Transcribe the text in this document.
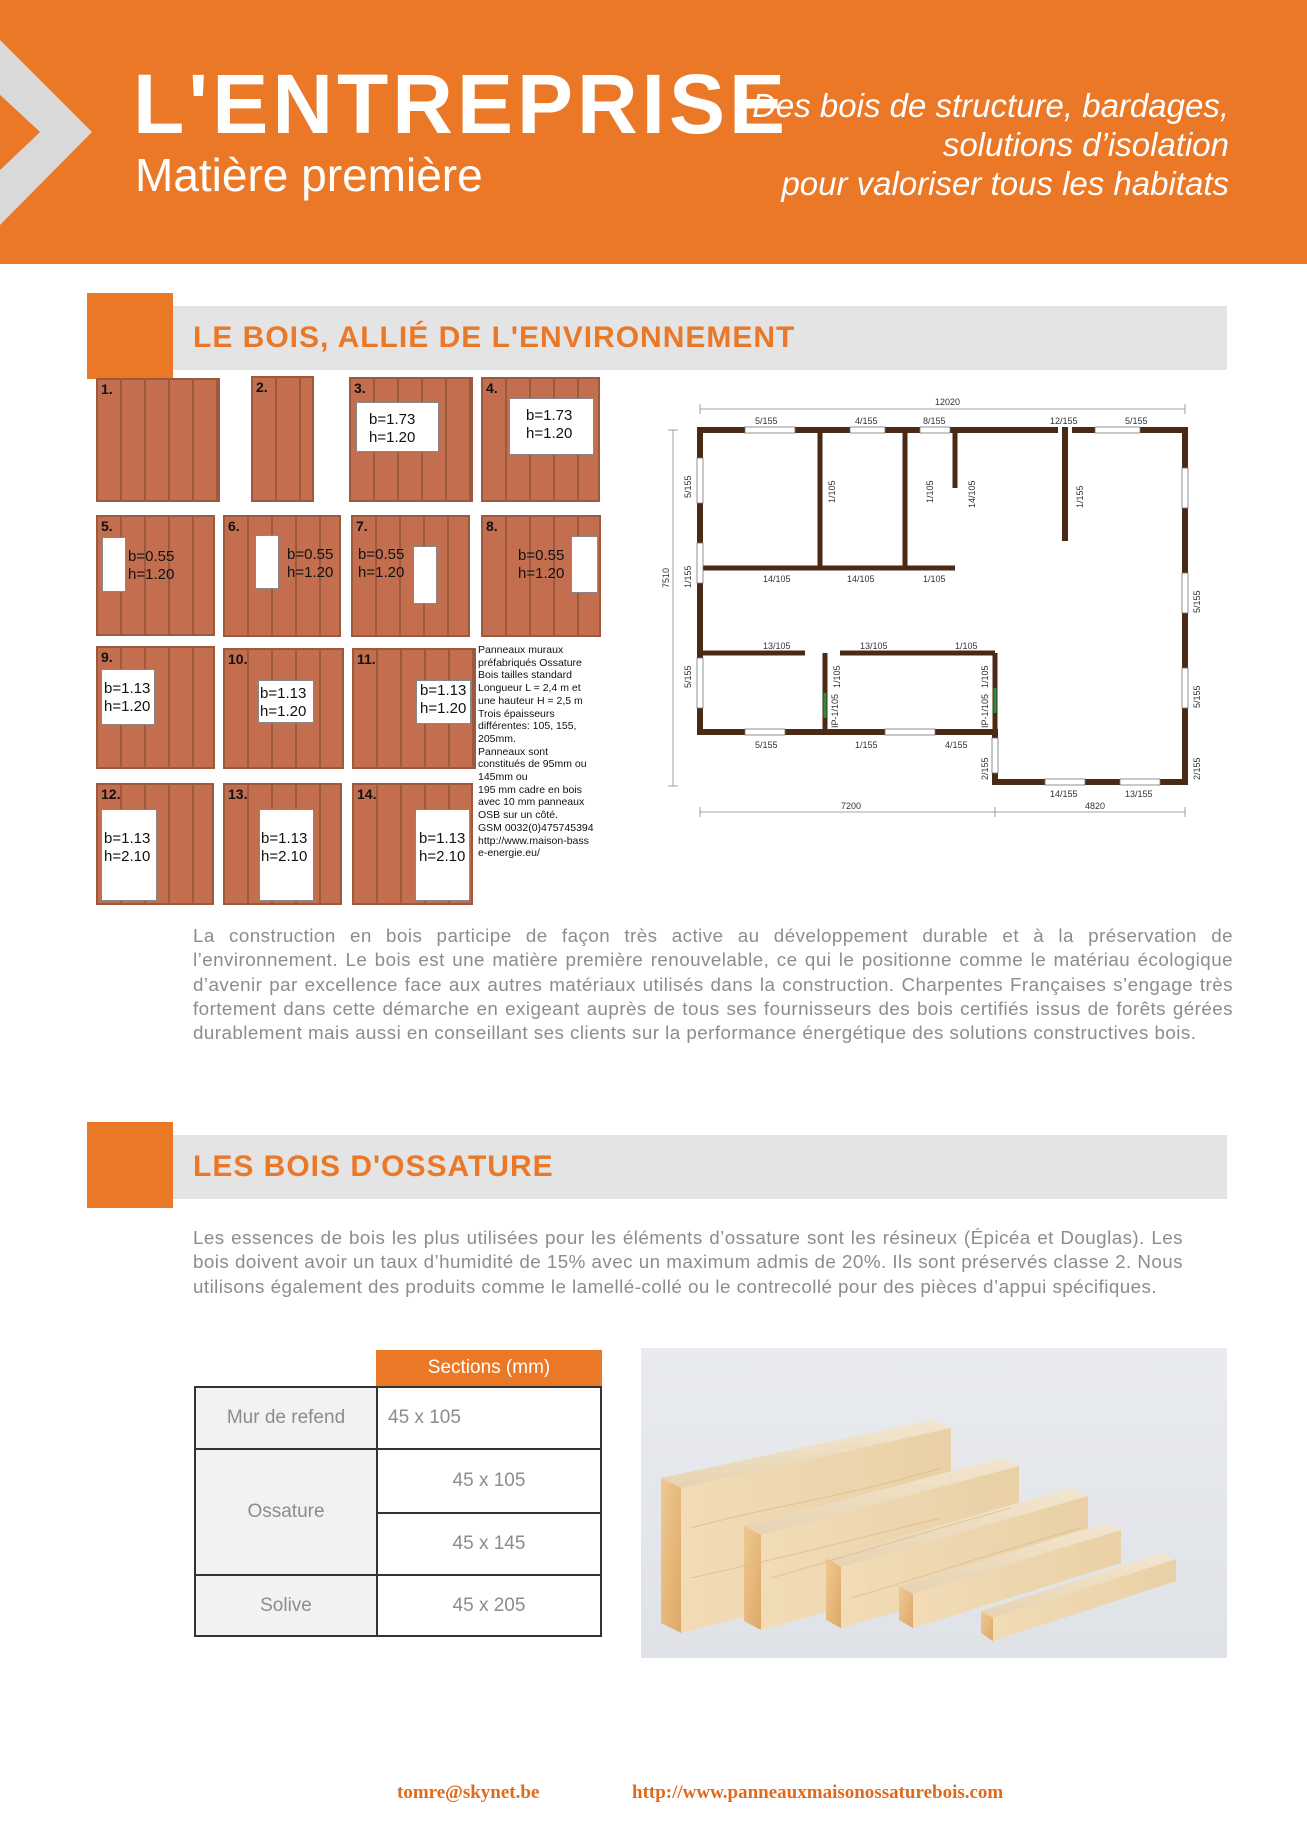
L'ENTREPRISE
Matière première
Des bois de structure, bardages,
solutions d’isolation
pour valoriser tous les habitats
LE BOIS, ALLIÉ DE L'ENVIRONNEMENT
1.	2.	3.
b=1.73
h=1.20
4.
b=1.73
h=1.20
5.
b=0.55
h=1.20
6.
b=0.55
h=1.20
7.
b=0.55
h=1.20
8.
b=0.55
h=1.20
9.
b=1.13
h=1.20
10.
b=1.13
h=1.20
11.
b=1.13
h=1.20
12.
b=1.13
h=2.10
13.
b=1.13
h=2.10
14.
b=1.13
h=2.10
Panneaux muraux
préfabriqués Ossature
Bois tailles standard
Longueur L = 2,4 m et
une hauteur H = 2,5 m
Trois épaisseurs
différentes: 105, 155,
205mm.
Panneaux sont
constitués de 95mm ou
145mm ou
195 mm cadre en bois
avec 10 mm panneaux
OSB sur un côté.
GSM 0032(0)475745394
http://www.maison-bass
e-energie.eu/
12020
7200	4820
7510
5/155	4/155	8/155	12/155	5/155
5/155	1/105	1/105	14/105	1/155
14/105	14/105	1/105
1/155
13/105	13/105	1/105
5/155
1/105	1/105
5/155
IP-1/105	IP-1/105	5/155
1/155	4/155
5/155
2/155
14/155	13/155
2/155
La construction en bois participe de façon très active au développement durable et à la préservation de l’environnement. Le bois est une matière première renouvelable, ce qui le positionne comme le matériau écologique d’avenir par excellence face aux autres matériaux utilisés dans la construction. Charpentes Françaises s’engage très fortement dans cette démarche en exigeant auprès de tous ses fournisseurs des bois certifiés issus de forêts gérées durablement mais aussi en conseillant ses clients sur la performance énergétique des solutions constructives bois.
LES BOIS D'OSSATURE
Les essences de bois les plus utilisées pour les éléments d’ossature sont les résineux (Épicéa et Douglas). Les bois doivent avoir un taux d’humidité de 15% avec un maximum admis de 20%. Ils sont préservés classe 2. Nous utilisons également des produits comme le lamellé-collé ou le contrecollé pour des pièces d’appui spécifiques.
Sections (mm)
Mur de refend	45 x 105
Ossature
45 x 105
45 x 145
Solive	45 x 205
tomre@skynet.be	http://www.panneauxmaisonossaturebois.com
